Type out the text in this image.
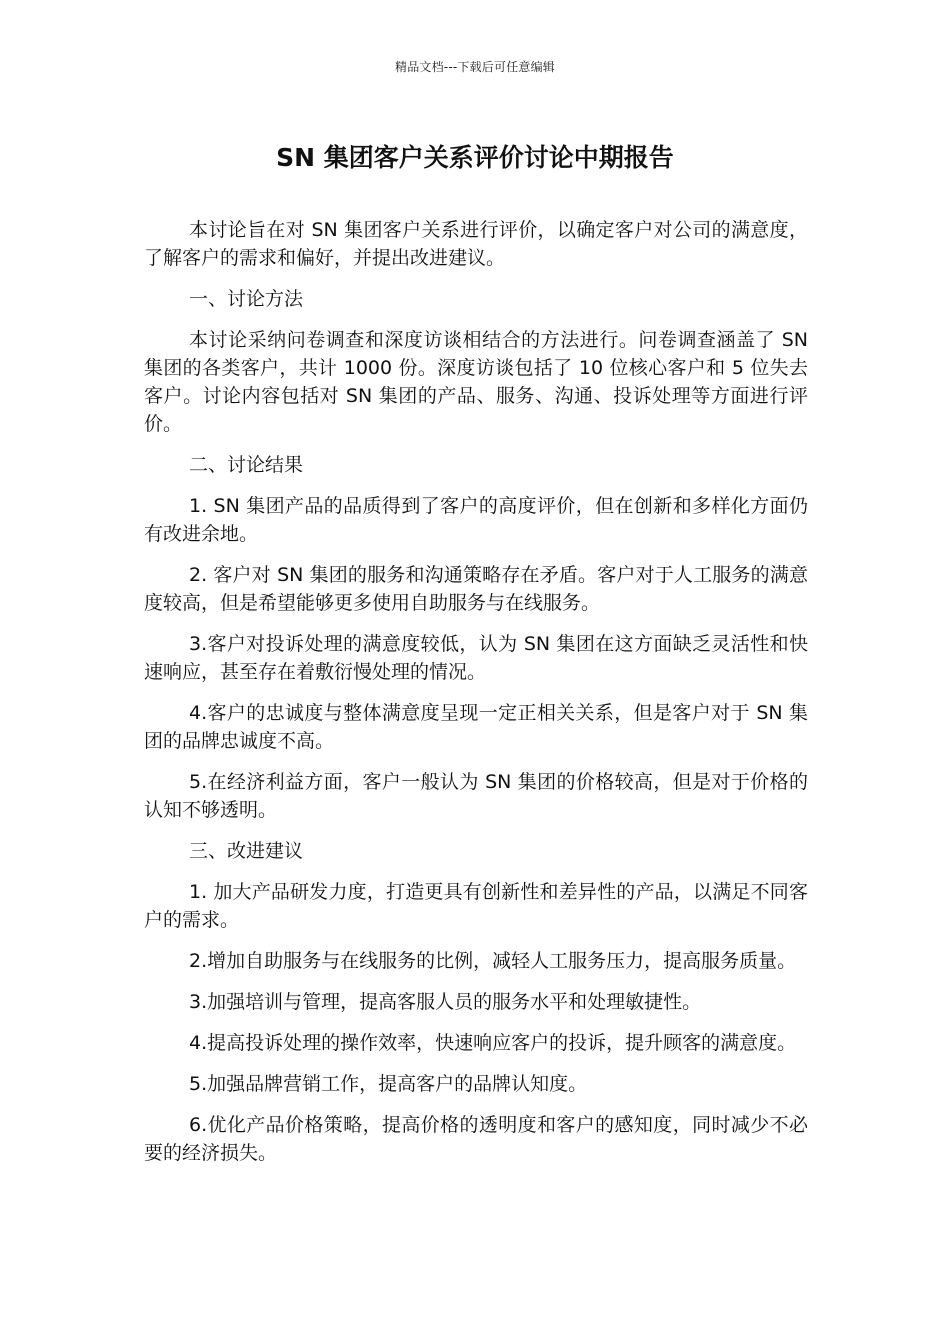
精品文档---下载后可任意编辑
SN 集团客户关系评价讨论中期报告

本讨论旨在对 SN 集团客户关系进行评价，以确定客户对公司的满意度，了解客户的需求和偏好，并提出改进建议。

一、讨论方法

本讨论采纳问卷调查和深度访谈相结合的方法进行。问卷调查涵盖了 SN 集团的各类客户，共计 1000 份。深度访谈包括了 10 位核心客户和 5 位失去客户。讨论内容包括对 SN 集团的产品、服务、沟通、投诉处理等方面进行评价。

二、讨论结果

1. SN 集团产品的品质得到了客户的高度评价，但在创新和多样化方面仍有改进余地。

2. 客户对 SN 集团的服务和沟通策略存在矛盾。客户对于人工服务的满意度较高，但是希望能够更多使用自助服务与在线服务。

3.客户对投诉处理的满意度较低，认为 SN 集团在这方面缺乏灵活性和快速响应，甚至存在着敷衍慢处理的情况。

4.客户的忠诚度与整体满意度呈现一定正相关关系，但是客户对于 SN 集团的品牌忠诚度不高。

5.在经济利益方面，客户一般认为 SN 集团的价格较高，但是对于价格的认知不够透明。

三、改进建议

1. 加大产品研发力度，打造更具有创新性和差异性的产品，以满足不同客户的需求。

2.增加自助服务与在线服务的比例，减轻人工服务压力，提高服务质量。

3.加强培训与管理，提高客服人员的服务水平和处理敏捷性。

4.提高投诉处理的操作效率，快速响应客户的投诉，提升顾客的满意度。

5.加强品牌营销工作，提高客户的品牌认知度。

6.优化产品价格策略，提高价格的透明度和客户的感知度，同时减少不必要的经济损失。
